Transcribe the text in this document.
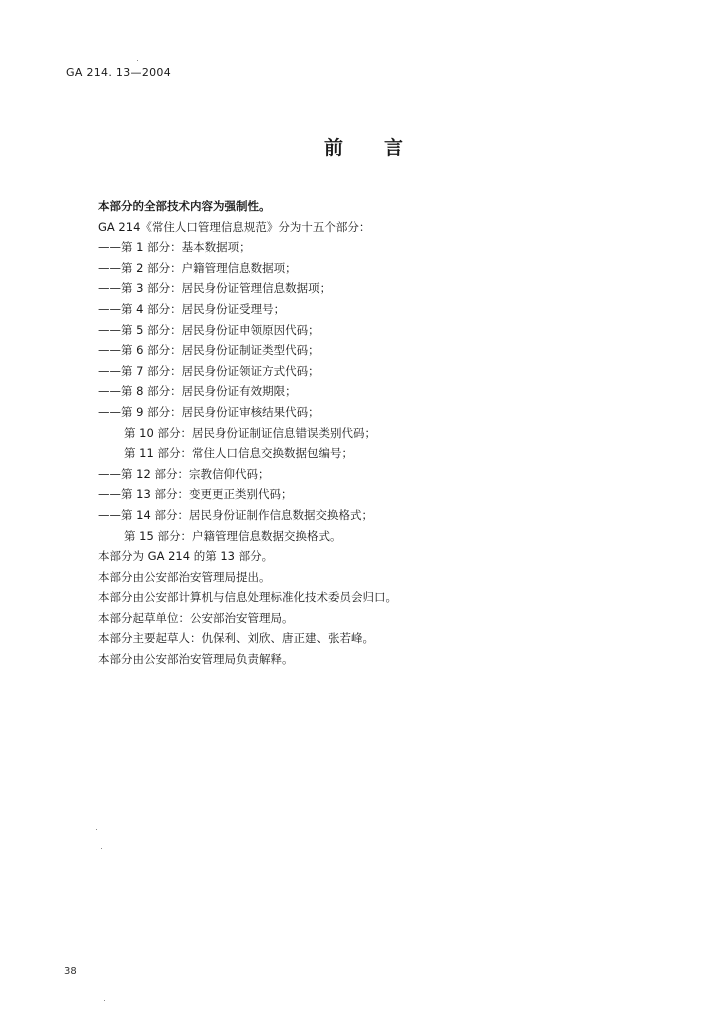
GA 214. 13—2004
前 言
本部分的全部技术内容为强制性。
GA 214《常住人口管理信息规范》分为十五个部分：
——第 1 部分：基本数据项；
——第 2 部分：户籍管理信息数据项；
——第 3 部分：居民身份证管理信息数据项；
——第 4 部分：居民身份证受理号；
——第 5 部分：居民身份证申领原因代码；
——第 6 部分：居民身份证制证类型代码；
——第 7 部分：居民身份证领证方式代码；
——第 8 部分：居民身份证有效期限；
——第 9 部分：居民身份证审核结果代码；
第 10 部分：居民身份证制证信息错误类别代码；
第 11 部分：常住人口信息交换数据包编号；
——第 12 部分：宗教信仰代码；
——第 13 部分：变更更正类别代码；
——第 14 部分：居民身份证制作信息数据交换格式；
第 15 部分：户籍管理信息数据交换格式。
本部分为 GA 214 的第 13 部分。
本部分由公安部治安管理局提出。
本部分由公安部计算机与信息处理标准化技术委员会归口。
本部分起草单位：公安部治安管理局。
本部分主要起草人：仇保利、刘欣、唐正建、张若峰。
本部分由公安部治安管理局负责解释。
38
